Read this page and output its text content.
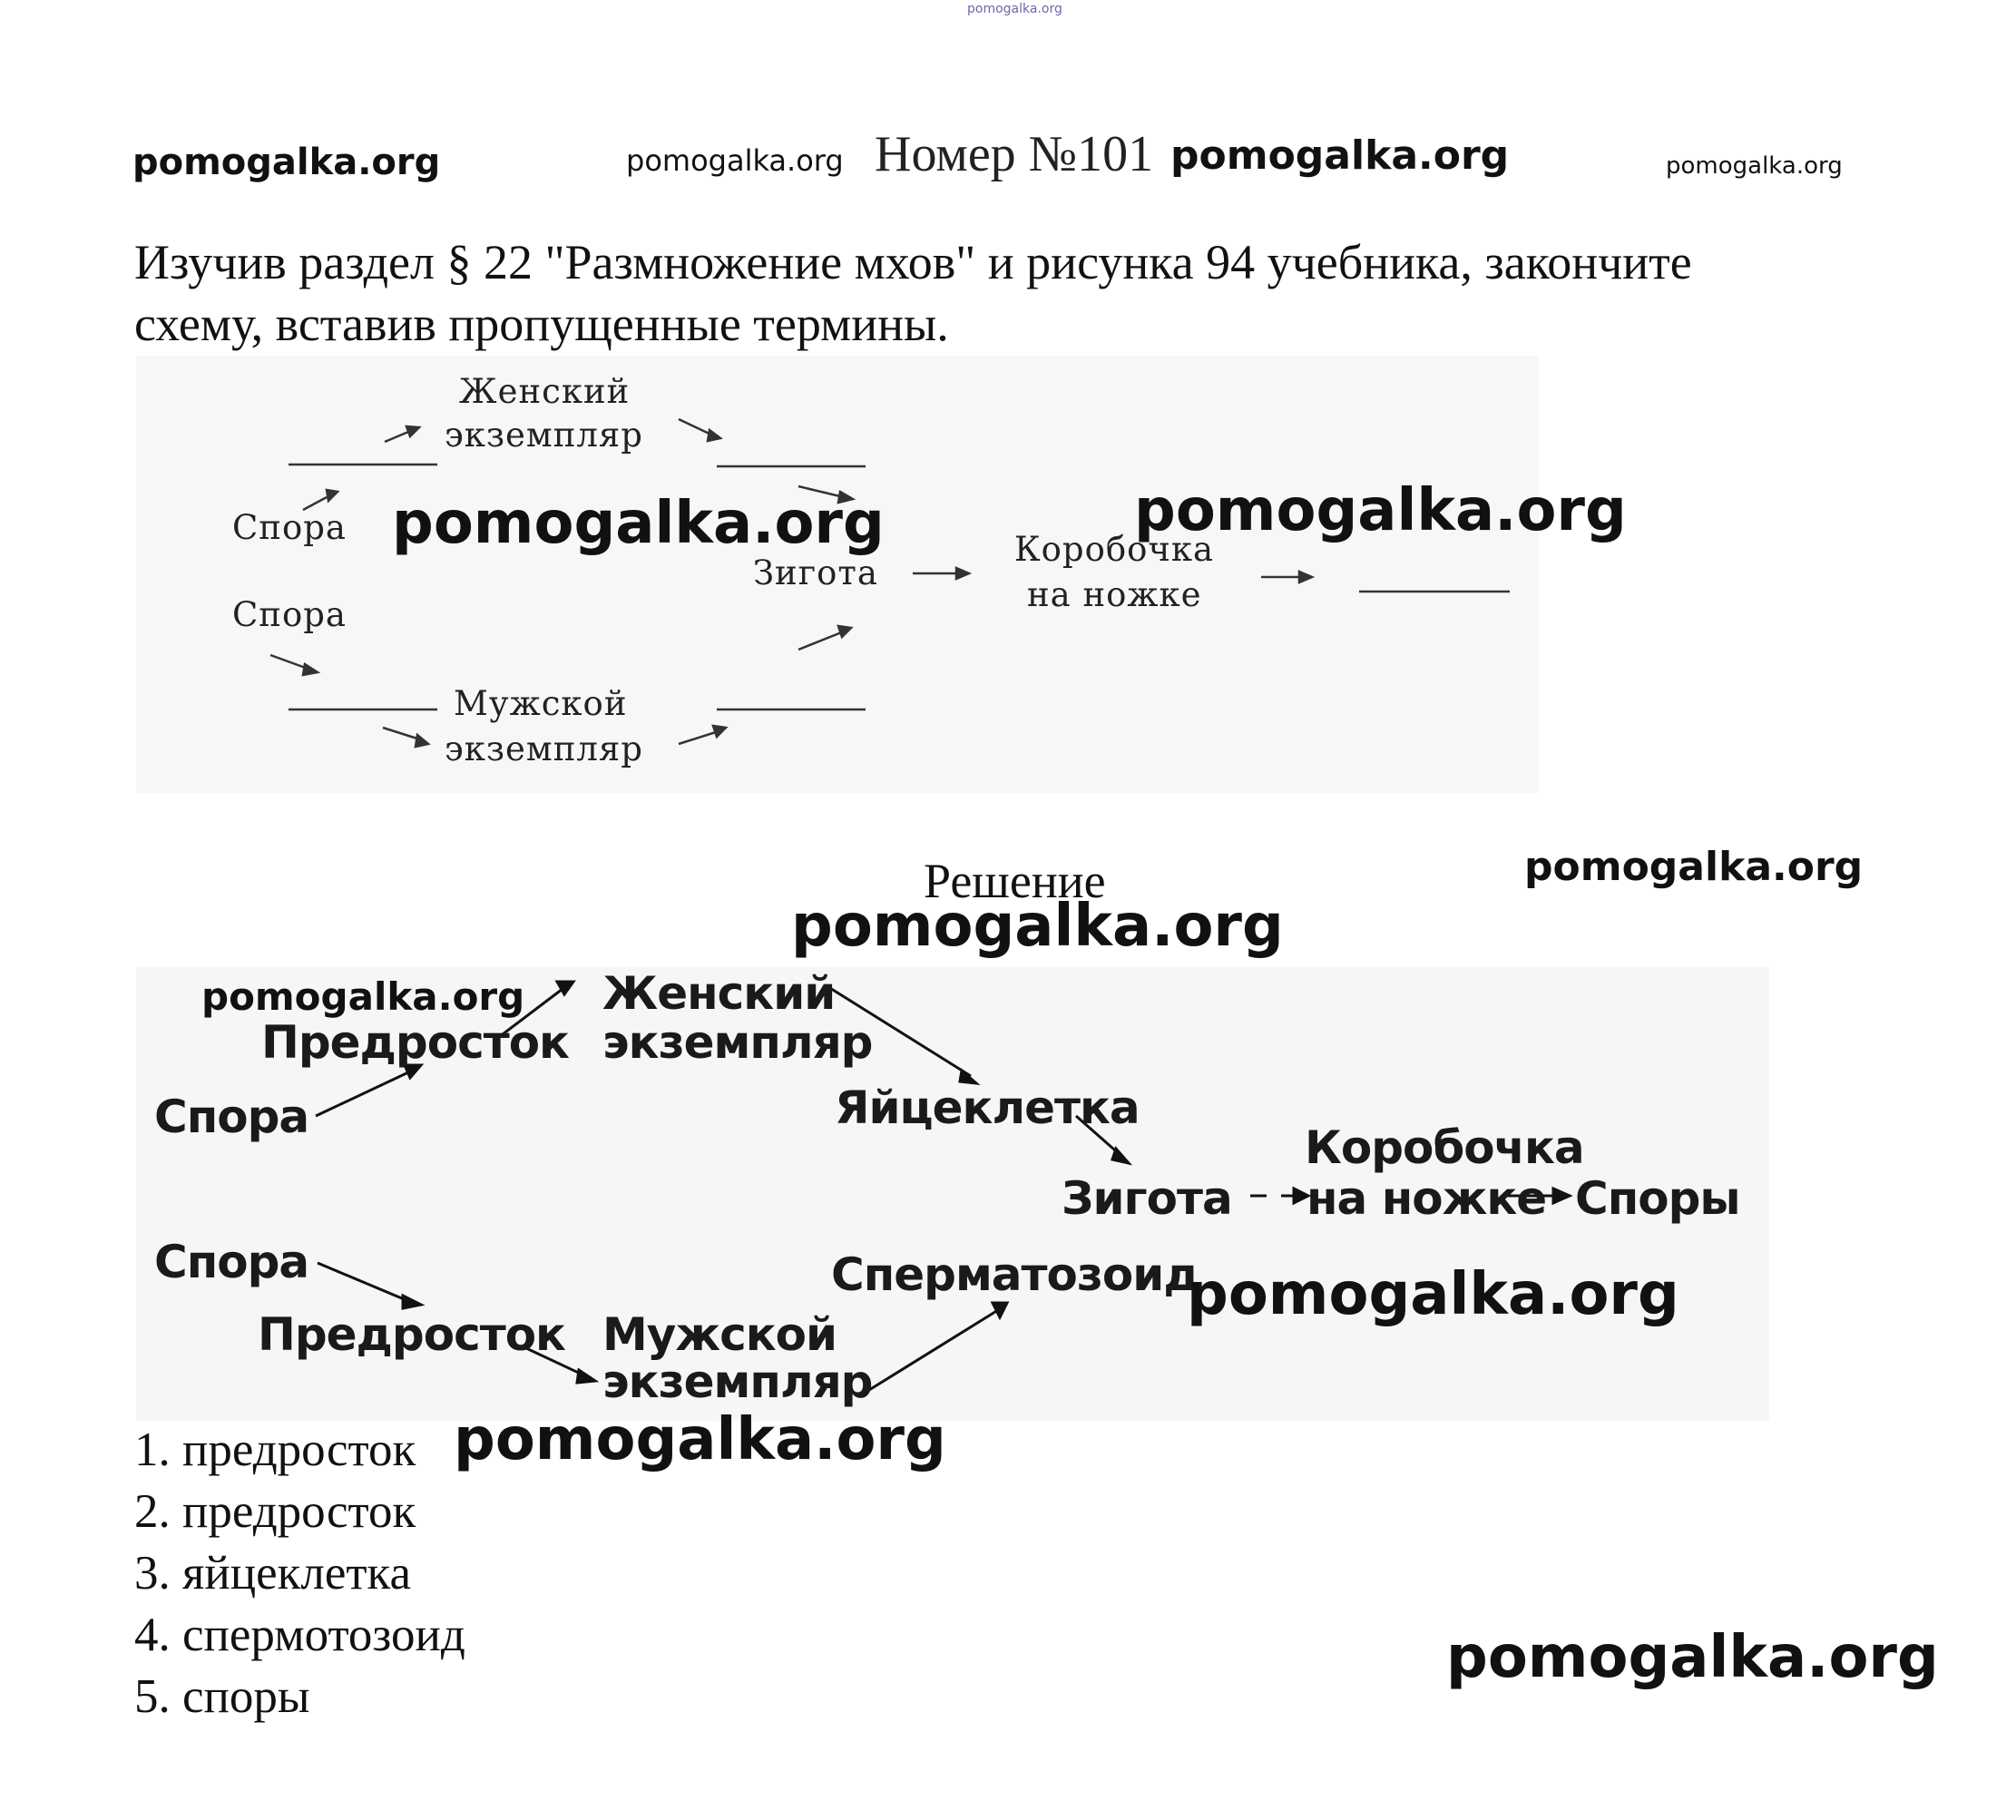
pomogalka.org
pomogalka.org	pomogalka.org Номер №101 pomogalka.org	pomogalka.org
Изучив раздел § 22 "Размножение мхов" и рисунка 94 учебника, закончите
схему, вставив пропущенные термины.
Женский
экземпляр
Спора
Зигота
Коробочка
на ножке
Спора
Мужской
экземпляр
pomogalka.org	pomogalka.org
Решение	pomogalka.org
pomogalka.org
Женский
Предросток экземпляр
Спора	Яйцеклетка
Коробочка
Зигота на ножке Споры
Спора	Сперматозоид
Предросток Мужской
экземпляр
pomogalka.org
pomogalka.org
1. предросток
2. предросток
3. яйцеклетка
4. спермотозоид
5. споры
pomogalka.org
pomogalka.org
